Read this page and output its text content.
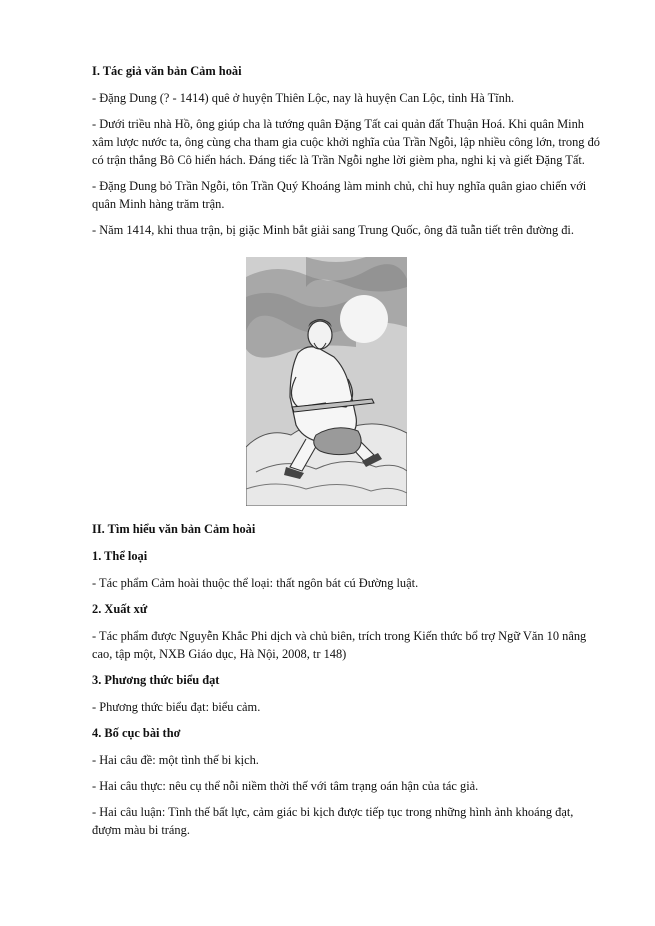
I. Tác giả văn bản Cảm hoài
- Đặng Dung (? - 1414) quê ở huyện Thiên Lộc, nay là huyện Can Lộc, tỉnh Hà Tĩnh.
- Dưới triều nhà Hồ, ông giúp cha là tướng quân Đặng Tất cai quản đất Thuận Hoá. Khi quân Minh xâm lược nước ta, ông cùng cha tham gia cuộc khởi nghĩa của Trần Ngỗi, lập nhiều công lớn, trong đó có trận thắng Bô Cô hiển hách. Đáng tiếc là Trần Ngỗi nghe lời gièm pha, nghi kị và giết Đặng Tất.
- Đặng Dung bỏ Trần Ngỗi, tôn Trần Quý Khoáng làm minh chủ, chỉ huy nghĩa quân giao chiến với quân Minh hàng trăm trận.
- Năm 1414, khi thua trận, bị giặc Minh bắt giải sang Trung Quốc, ông đã tuẫn tiết trên đường đi.
II. Tìm hiểu văn bản Cảm hoài
1. Thể loại
- Tác phẩm Cảm hoài thuộc thể loại: thất ngôn bát cú Đường luật.
2. Xuất xứ
- Tác phẩm được Nguyễn Khắc Phi dịch và chủ biên, trích trong Kiến thức bổ trợ Ngữ Văn 10 nâng cao, tập một, NXB Giáo dục, Hà Nội, 2008, tr 148)
3. Phương thức biểu đạt
- Phương thức biểu đạt: biểu cảm.
4. Bố cục bài thơ
- Hai câu đề: một tình thế bi kịch.
- Hai câu thực: nêu cụ thể nỗi niềm thời thế với tâm trạng oán hận của tác giả.
- Hai câu luận: Tình thế bất lực, cảm giác bi kịch được tiếp tục trong những hình ảnh khoáng đạt, đượm màu bi tráng.
